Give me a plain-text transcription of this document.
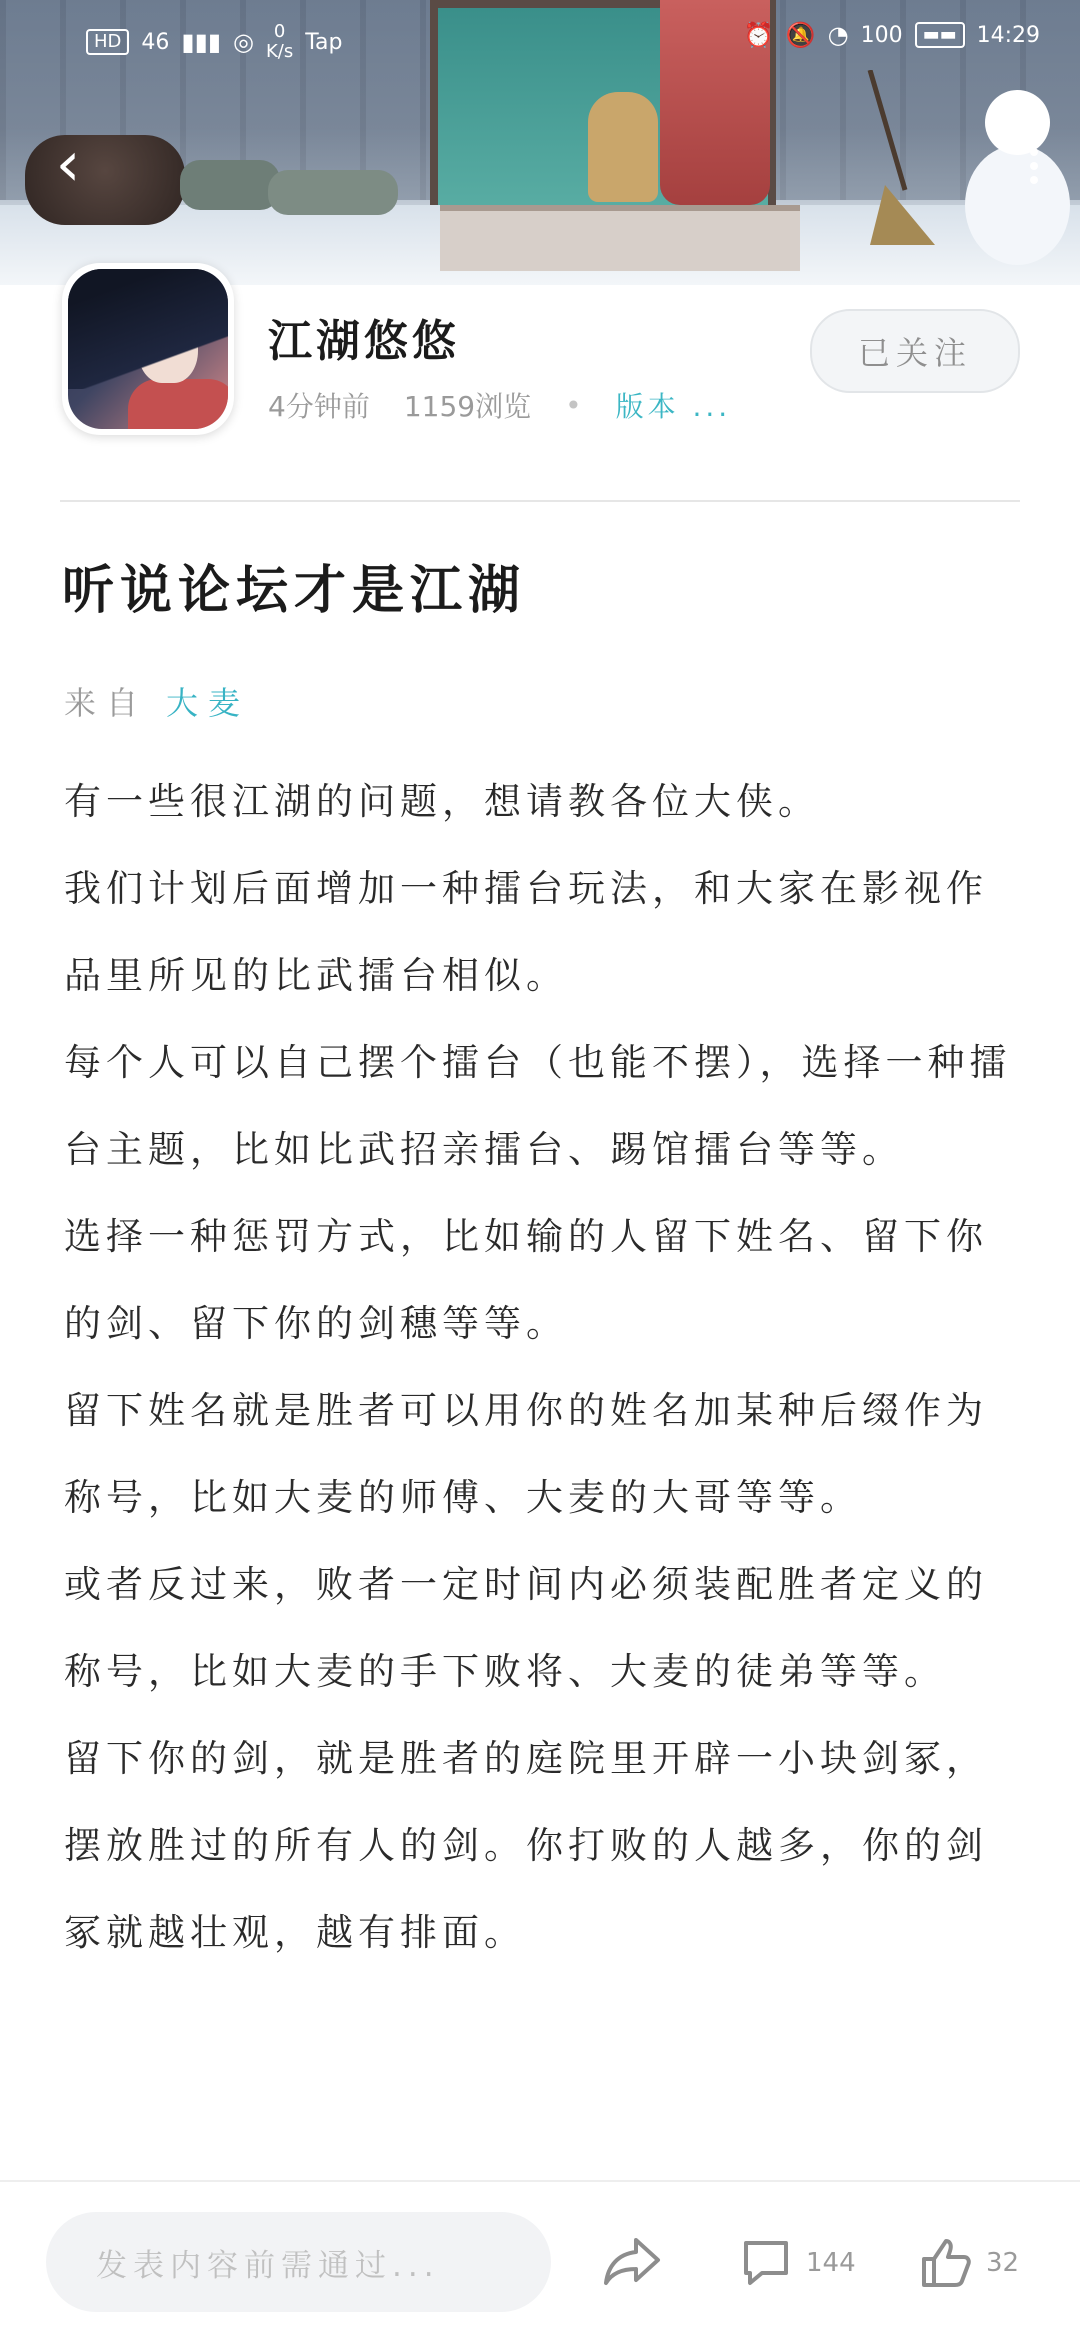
HD 46 ▮▮▮ ◎ 0
K/s Tap	⏰ 🔕 ◔ 100	▬▬ 14:29
‹
江湖悠悠
4分钟前 1159浏览 • 版本 ...
已关注
听说论坛才是江湖
来自 大麦

有一些很江湖的问题，想请教各位大侠。

我们计划后面增加一种擂台玩法，和大家在影视作品里所见的比武擂台相似。

每个人可以自己摆个擂台（也能不摆），选择一种擂台主题，比如比武招亲擂台、踢馆擂台等等。

选择一种惩罚方式，比如输的人留下姓名、留下你的剑、留下你的剑穗等等。

留下姓名就是胜者可以用你的姓名加某种后缀作为称号，比如大麦的师傅、大麦的大哥等等。

或者反过来，败者一定时间内必须装配胜者定义的称号，比如大麦的手下败将、大麦的徒弟等等。

留下你的剑，就是胜者的庭院里开辟一小块剑冢，摆放胜过的所有人的剑。你打败的人越多，你的剑冢就越壮观，越有排面。

发表内容前需通过...	144	32
